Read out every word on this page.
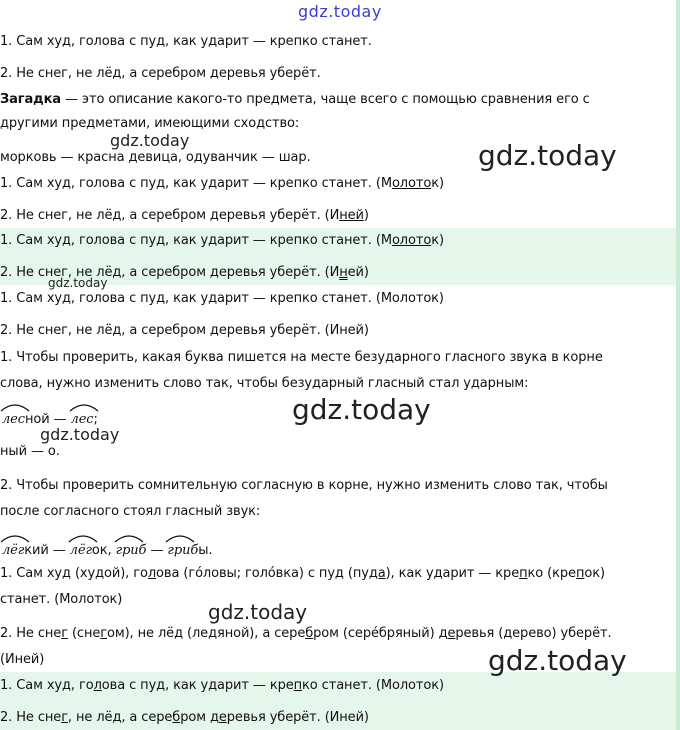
gdz.today
gdz.today	gdz.today
gdz.today
gdz.today
gdz.today
gdz.today
gdz.today
1. Сам худ, голова с пуд, как ударит — крепко станет.
2. Не снег, не лёд, а серебром деревья уберёт.
Загадка — это описание какого-то предмета, чаще всего с помощью сравнения его с
другими предметами, имеющими сходство:
морковь — красна девица, одуванчик — шар.
1. Сам худ, голова с пуд, как ударит — крепко станет. (Молоток)
2. Не снег, не лёд, а серебром деревья уберёт. (Иней)
1. Сам худ, голова с пуд, как ударит — крепко станет. (Молоток)
2. Не снег, не лёд, а серебром деревья уберёт. (Иней)
1. Сам худ, голова с пуд, как ударит — крепко станет. (Молоток)
2. Не снег, не лёд, а серебром деревья уберёт. (Иней)
1. Чтобы проверить, какая буква пишется на месте безударного гласного звука в корне
слова, нужно изменить слово так, чтобы безударный гласный стал ударным:
лесной —
лес;
ный — о.
2. Чтобы проверить сомнительную согласную в корне, нужно изменить слово так, чтобы
после согласного стоял гласный звук:
лёгкий —
лёгок,
гриб —
грибы.
1. Сам худ (худой), голова (го́ловы; голо́вка) с пуд (пуда), как ударит — крепко (крепок)
станет. (Молоток)
2. Не снег (снегом), не лёд (ледяной), а серебром (сере́бряный) деревья (дерево) уберёт.
(Иней)
1. Сам худ, голова с пуд, как ударит — крепко станет. (Молоток)
2. Не снег, не лёд, а серебром деревья уберёт. (Иней)
